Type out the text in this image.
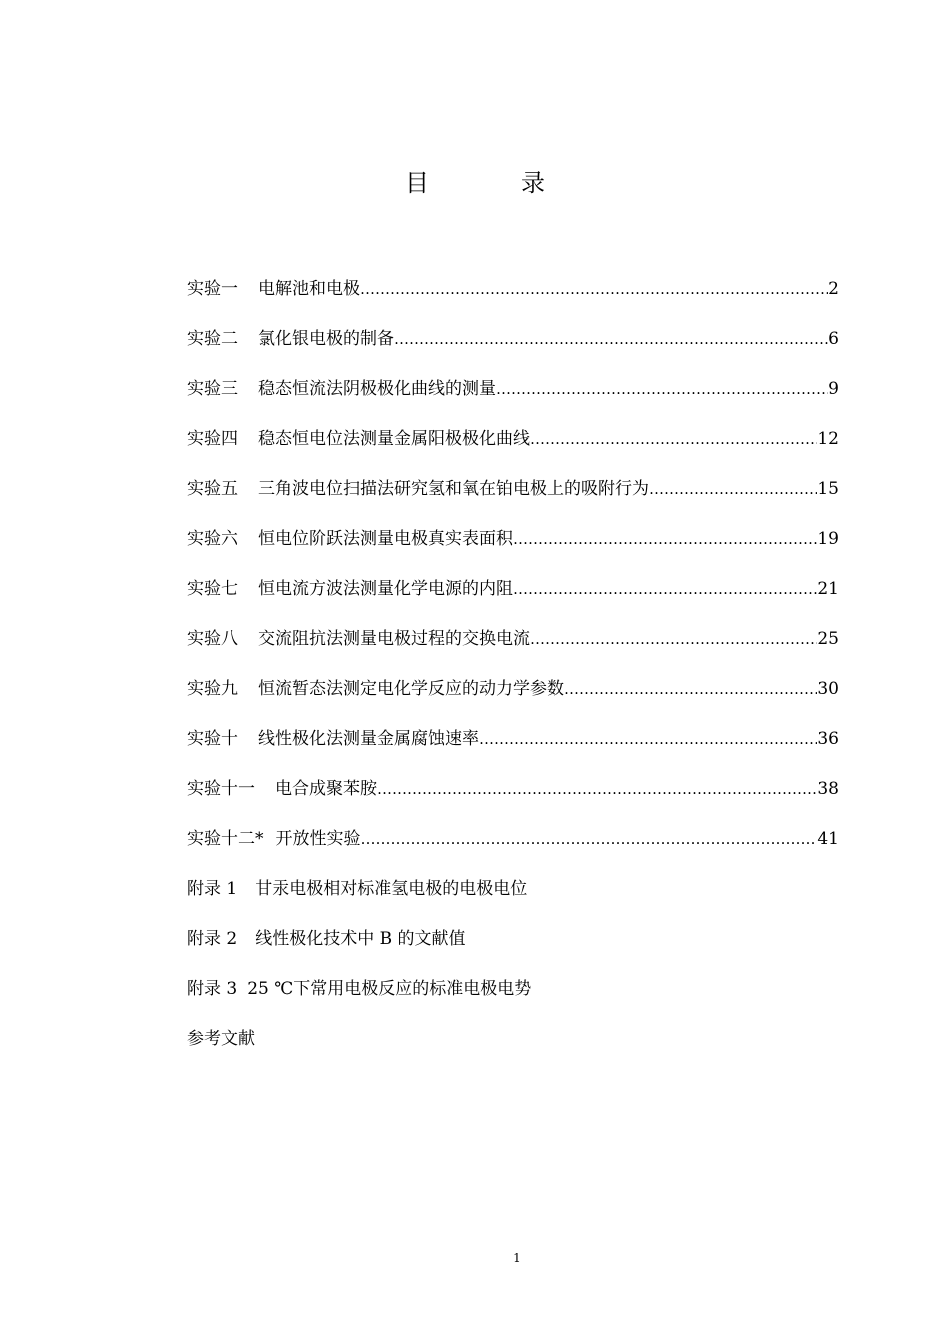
目	录
实验一 电解池和电极 …………………………………………………………………………………………………………………………………………………………	2
实验二 氯化银电极的制备 …………………………………………………………………………………………………………………………………………………………	6
实验三 稳态恒流法阴极极化曲线的测量 …………………………………………………………………………………………………………………………………………………………	9
实验四 稳态恒电位法测量金属阳极极化曲线 …………………………………………………………………………………………………………………………………………………………	12
实验五 三角波电位扫描法研究氢和氧在铂电极上的吸附行为 …………………………………………………………………………………………………………………………………………………………	15
实验六 恒电位阶跃法测量电极真实表面积 …………………………………………………………………………………………………………………………………………………………	19
实验七 恒电流方波法测量化学电源的内阻 …………………………………………………………………………………………………………………………………………………………	21
实验八 交流阻抗法测量电极过程的交换电流 …………………………………………………………………………………………………………………………………………………………	25
实验九 恒流暂态法测定电化学反应的动力学参数 …………………………………………………………………………………………………………………………………………………………	30
实验十 线性极化法测量金属腐蚀速率 …………………………………………………………………………………………………………………………………………………………	36
实验十一 电合成聚苯胺 …………………………………………………………………………………………………………………………………………………………	38
实验十二* 开放性实验 …………………………………………………………………………………………………………………………………………………………	41
附录 1 甘汞电极相对标准氢电极的电极电位
附录 2 线性极化技术中 B 的文献值
附录 3 25 ℃下常用电极反应的标准电极电势
参考文献
1
